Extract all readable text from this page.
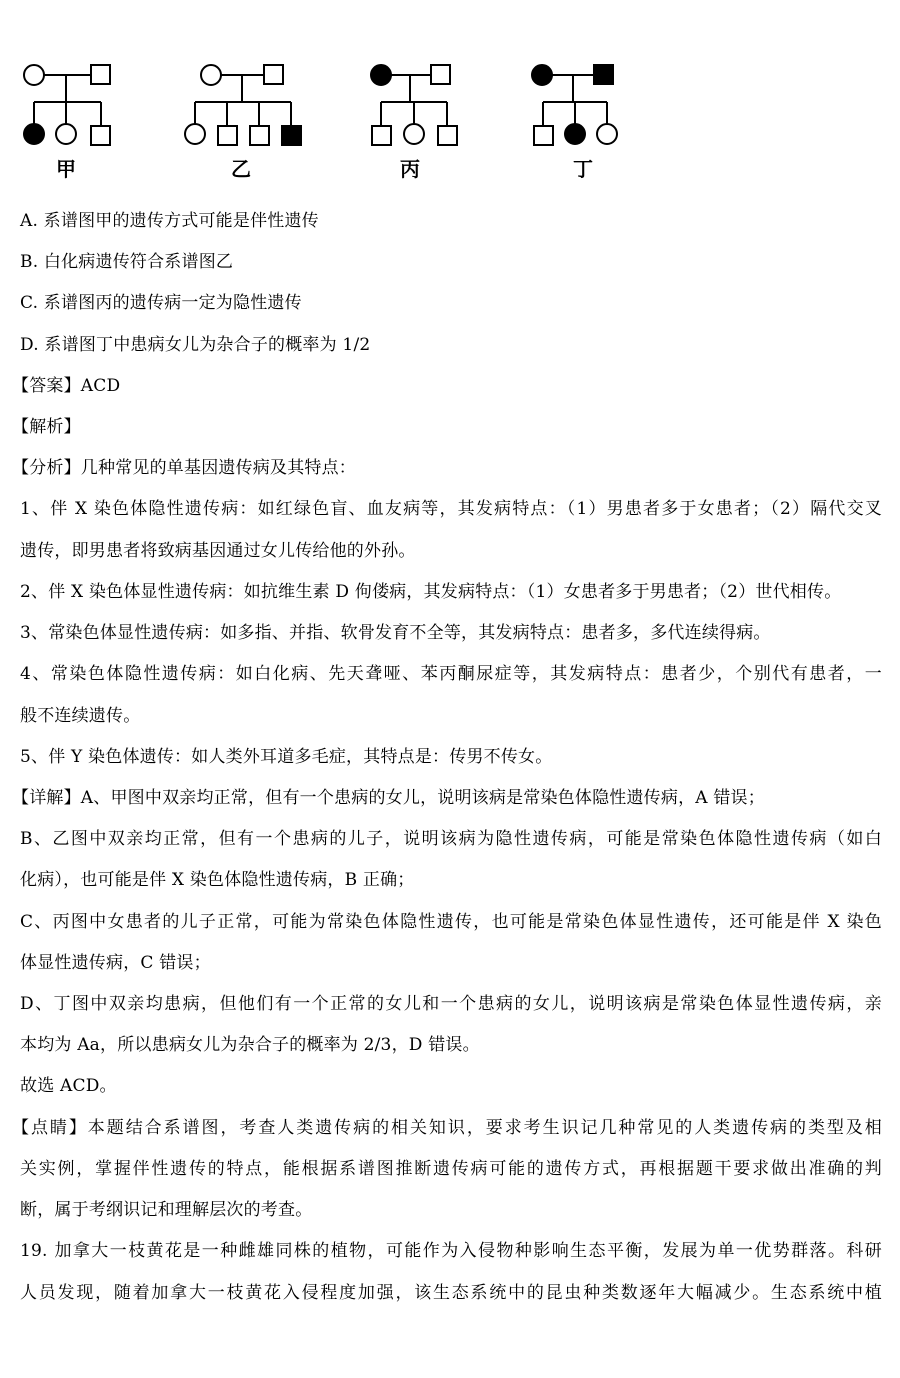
甲	乙	丙	丁
A. 系谱图甲的遗传方式可能是伴性遗传
B. 白化病遗传符合系谱图乙
C. 系谱图丙的遗传病一定为隐性遗传
D. 系谱图丁中患病女儿为杂合子的概率为 1/2
【答案】ACD
【解析】
【分析】几种常见的单基因遗传病及其特点：
1、伴 X 染色体隐性遗传病：如红绿色盲、血友病等，其发病特点：（1）男患者多于女患者；（2）隔代交叉
遗传，即男患者将致病基因通过女儿传给他的外孙。
2、伴 X 染色体显性遗传病：如抗维生素 D 佝偻病，其发病特点：（1）女患者多于男患者；（2）世代相传。
3、常染色体显性遗传病：如多指、并指、软骨发育不全等，其发病特点：患者多，多代连续得病。
4、常染色体隐性遗传病：如白化病、先天聋哑、苯丙酮尿症等，其发病特点：患者少，个别代有患者，一
般不连续遗传。
5、伴 Y 染色体遗传：如人类外耳道多毛症，其特点是：传男不传女。
【详解】A、甲图中双亲均正常，但有一个患病的女儿，说明该病是常染色体隐性遗传病，A 错误；
B、乙图中双亲均正常，但有一个患病的儿子，说明该病为隐性遗传病，可能是常染色体隐性遗传病（如白
化病），也可能是伴 X 染色体隐性遗传病，B 正确；
C、丙图中女患者的儿子正常，可能为常染色体隐性遗传，也可能是常染色体显性遗传，还可能是伴 X 染色
体显性遗传病，C 错误；
D、丁图中双亲均患病，但他们有一个正常的女儿和一个患病的女儿，说明该病是常染色体显性遗传病，亲
本均为 Aa，所以患病女儿为杂合子的概率为 2/3，D 错误。
故选 ACD。
【点睛】本题结合系谱图，考查人类遗传病的相关知识，要求考生识记几种常见的人类遗传病的类型及相
关实例，掌握伴性遗传的特点，能根据系谱图推断遗传病可能的遗传方式，再根据题干要求做出准确的判
断，属于考纲识记和理解层次的考查。
19. 加拿大一枝黄花是一种雌雄同株的植物，可能作为入侵物种影响生态平衡，发展为单一优势群落。科研
人员发现，随着加拿大一枝黄花入侵程度加强，该生态系统中的昆虫种类数逐年大幅减少。生态系统中植
